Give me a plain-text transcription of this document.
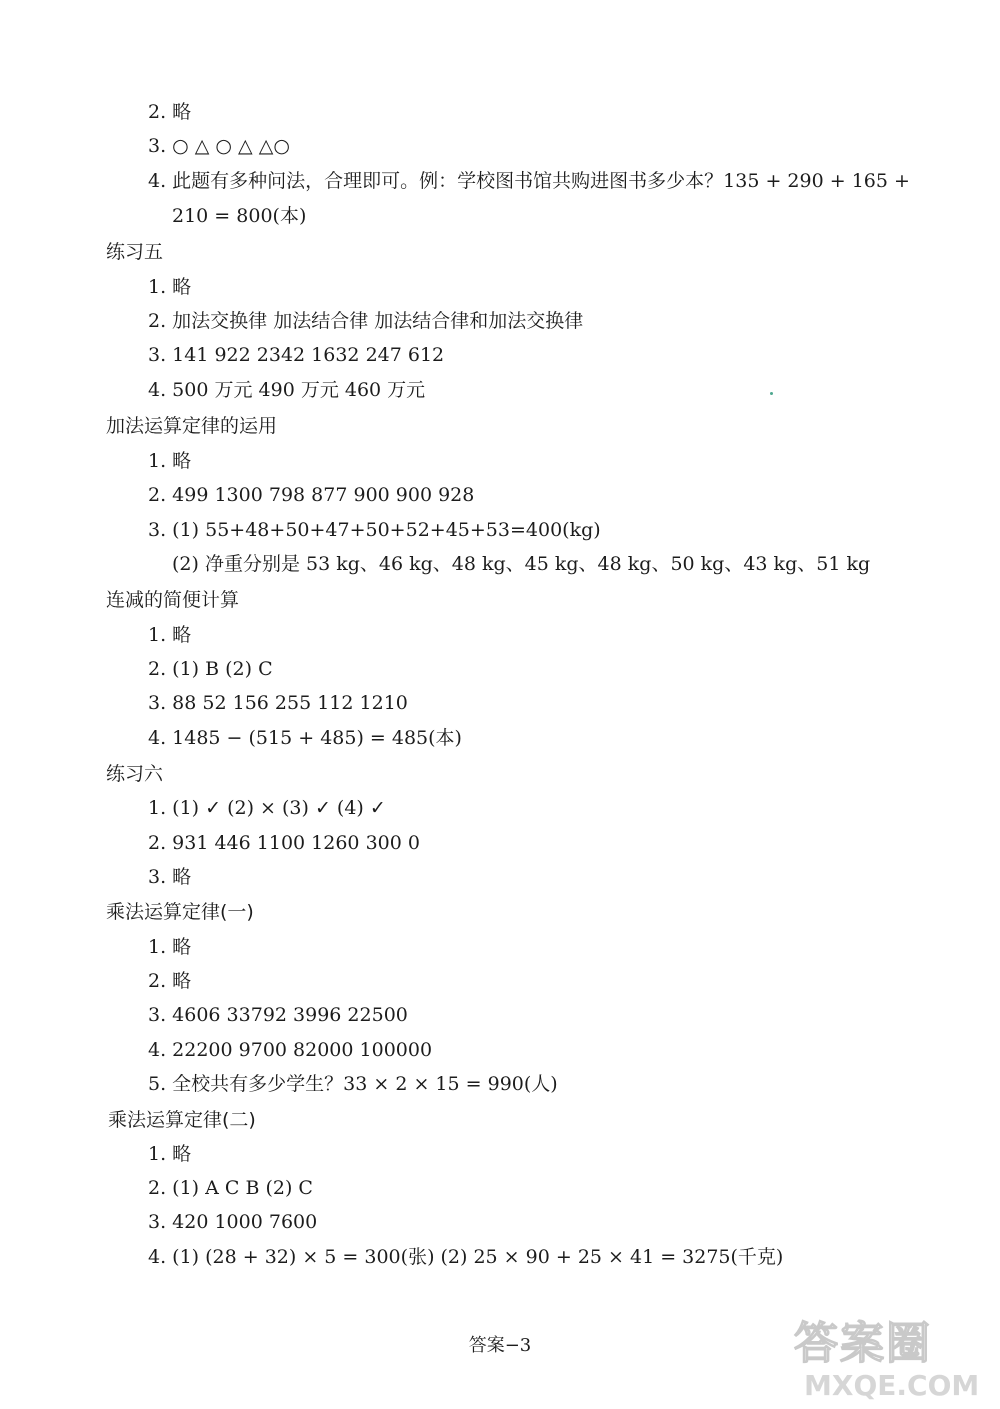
2. 略
3. ○ △ ○ △ △○
4. 此题有多种问法，合理即可。例：学校图书馆共购进图书多少本？135 + 290 + 165 +
210 = 800(本)
练习五
1. 略
2. 加法交换律 加法结合律 加法结合律和加法交换律
3. 141 922 2342 1632 247 612
4. 500 万元 490 万元 460 万元
加法运算定律的运用
1. 略
2. 499 1300 798 877 900 900 928
3. (1) 55+48+50+47+50+52+45+53=400(kg)
(2) 净重分别是 53 kg、46 kg、48 kg、45 kg、48 kg、50 kg、43 kg、51 kg
连减的简便计算
1. 略
2. (1) B (2) C
3. 88 52 156 255 112 1210
4. 1485 − (515 + 485) = 485(本)
练习六
1. (1) ✓ (2) × (3) ✓ (4) ✓
2. 931 446 1100 1260 300 0
3. 略
乘法运算定律(一)
1. 略
2. 略
3. 4606 33792 3996 22500
4. 22200 9700 82000 100000
5. 全校共有多少学生？33 × 2 × 15 = 990(人)
乘法运算定律(二)
1. 略
2. (1) A C B (2) C
3. 420 1000 7600
4. (1) (28 + 32) × 5 = 300(张) (2) 25 × 90 + 25 × 41 = 3275(千克)
答案−3	答案圈
MXQE.COM
